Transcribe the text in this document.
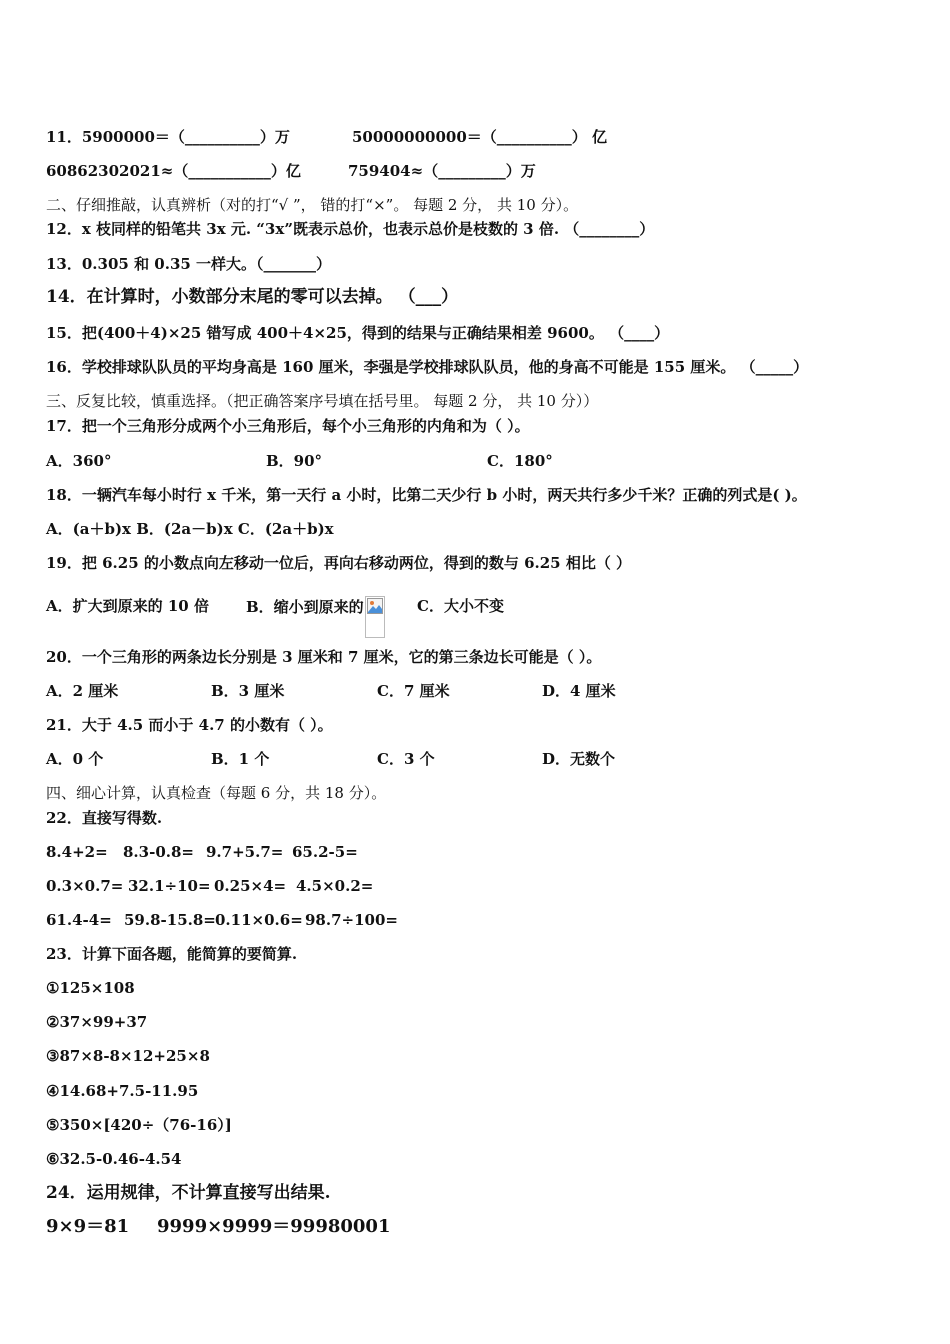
11．5900000＝（__________）万	50000000000＝（__________） 亿
60862302021≈（___________）亿	759404≈（_________）万
二、仔细推敲，认真辨析（对的打“√ ”， 错的打“×”。 每题 2 分， 共 10 分）。
12．x 枝同样的铅笔共 3x 元. “3x”既表示总价，也表示总价是枝数的 3 倍. （________）
13．0.305 和 0.35 一样大。（_______）
14．在计算时，小数部分末尾的零可以去掉。 （___）
15．把(400＋4)×25 错写成 400＋4×25，得到的结果与正确结果相差 9600。 （____）
16．学校排球队队员的平均身高是 160 厘米，李强是学校排球队队员，他的身高不可能是 155 厘米。 （_____）
三、反复比较，慎重选择。（把正确答案序号填在括号里。 每题 2 分， 共 10 分））
17．把一个三角形分成两个小三角形后，每个小三角形的内角和为（ ）。
A．360°	B．90°	C．180°
18．一辆汽车每小时行 x 千米，第一天行 a 小时，比第二天少行 b 小时，两天共行多少千米？正确的列式是( )。
A．(a＋b)x B．(2a－b)x C．(2a＋b)x
19．把 6.25 的小数点向左移动一位后，再向右移动两位，得到的数与 6.25 相比（ ）
A．扩大到原来的 10 倍 B．缩小到原来的	C．大小不变
20．一个三角形的两条边长分别是 3 厘米和 7 厘米，它的第三条边长可能是（ ）。
A．2 厘米	B．3 厘米	C．7 厘米	D．4 厘米
21．大于 4.5 而小于 4.7 的小数有（ ）。
A．0 个	B．1 个	C．3 个	D．无数个
四、细心计算，认真检查（每题 6 分，共 18 分）。
22．直接写得数.
8.4+2= 8.3-0.8= 9.7+5.7= 65.2-5=
0.3×0.7= 32.1÷10= 0.25×4= 4.5×0.2=
61.4-4= 59.8-15.8= 0.11×0.6= 98.7÷100=
23．计算下面各题，能简算的要简算.
①125×108
②37×99+37
③87×8-8×12+25×8
④14.68+7.5-11.95
⑤350×[420÷（76-16）]
⑥32.5-0.46-4.54
24．运用规律，不计算直接写出结果.
9×9＝81 9999×9999＝99980001
